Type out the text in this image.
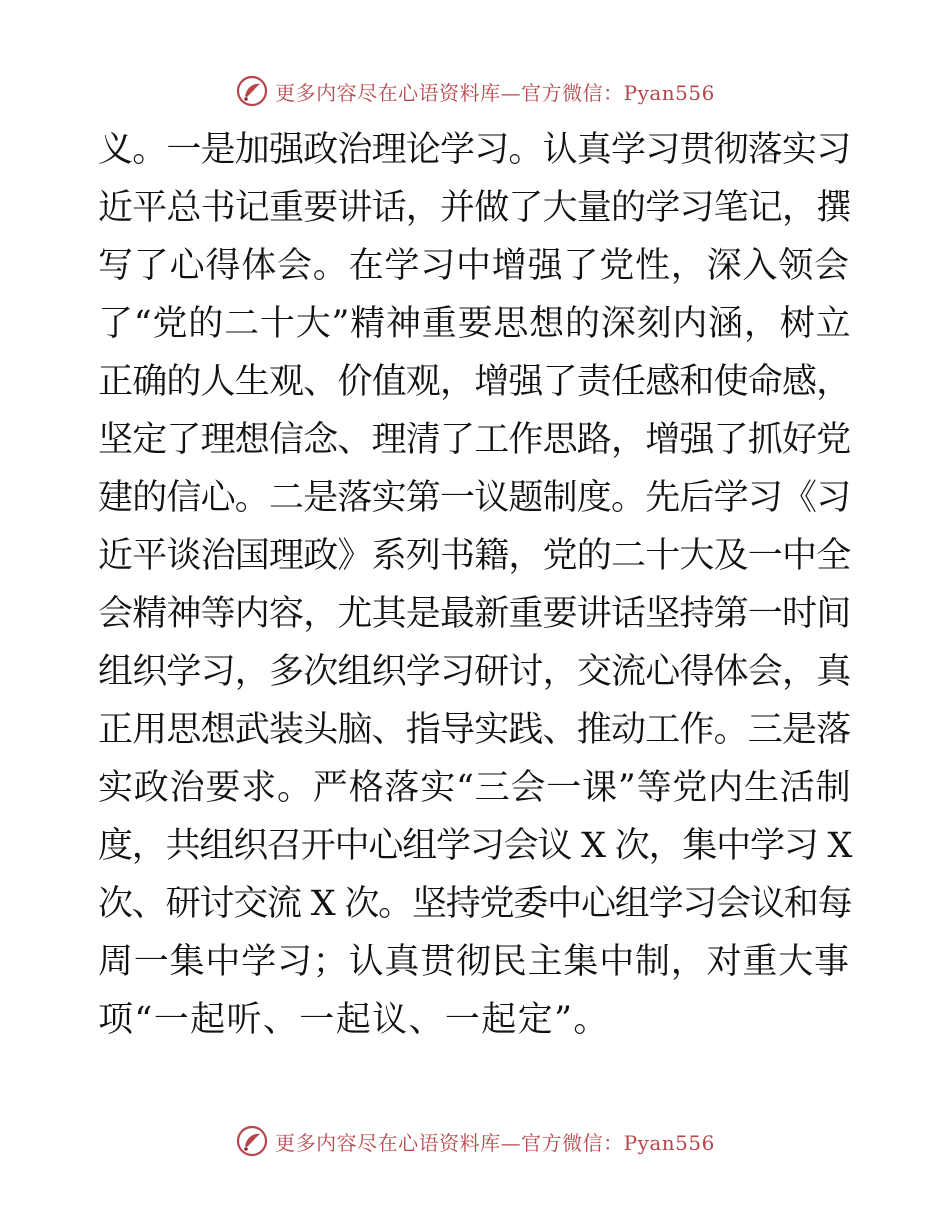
更多内容尽在心语资料库—官方微信：Pyan556
义。一是加强政治理论学习。认真学习贯彻落实习
近平总书记重要讲话，并做了大量的学习笔记，撰
写了心得体会。在学习中增强了党性，深入领会
了“党的二十大”精神重要思想的深刻内涵，树立
正确的人生观、价值观，增强了责任感和使命感，
坚定了理想信念、理清了工作思路，增强了抓好党
建的信心。二是落实第一议题制度。先后学习《习
近平谈治国理政》系列书籍，党的二十大及一中全
会精神等内容，尤其是最新重要讲话坚持第一时间
组织学习，多次组织学习研讨，交流心得体会，真
正用思想武装头脑、指导实践、推动工作。三是落
实政治要求。严格落实“三会一课”等党内生活制
度，共组织召开中心组学习会议 X 次，集中学习 X
次、研讨交流 X 次。坚持党委中心组学习会议和每
周一集中学习；认真贯彻民主集中制，对重大事
项“一起听、一起议、一起定”。
更多内容尽在心语资料库—官方微信：Pyan556
